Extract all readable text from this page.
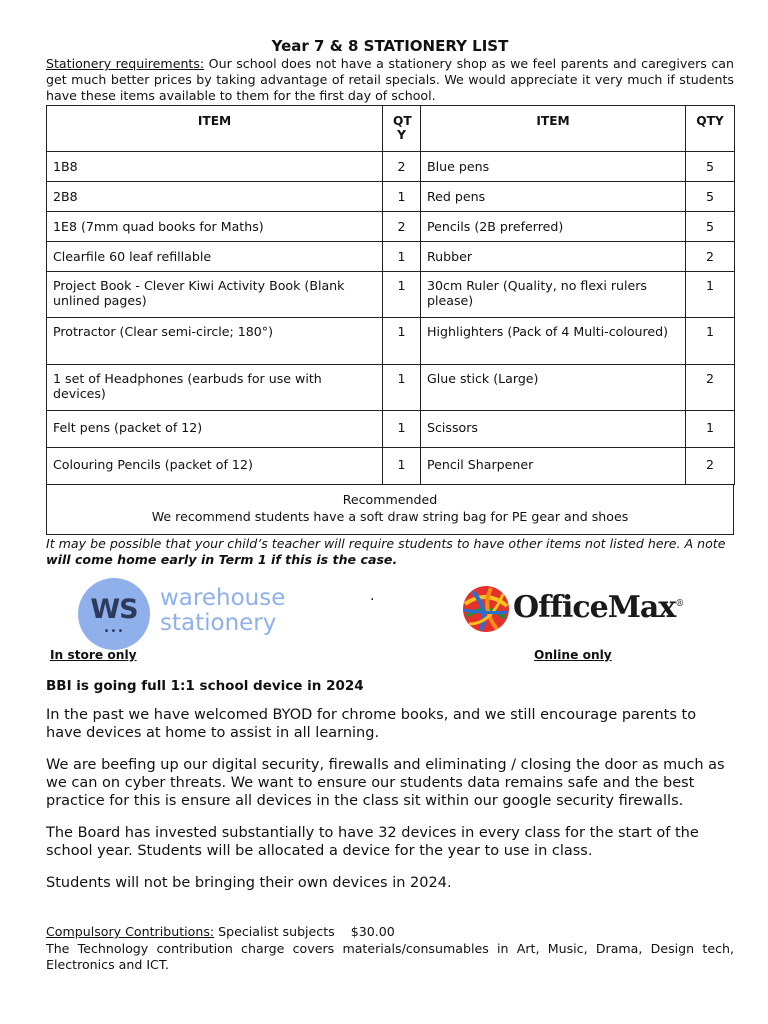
Year 7 & 8 STATIONERY LIST
Stationery requirements: Our school does not have a stationery shop as we feel parents and caregivers can get much better prices by taking advantage of retail specials. We would appreciate it very much if students have these items available to them for the first day of school.
ITEM	QT Y	ITEM	QTY
1B8	2	Blue pens	5
2B8	1	Red pens	5
1E8 (7mm quad books for Maths)	2	Pencils (2B preferred)	5
Clearfile 60 leaf refillable	1	Rubber	2
Project Book - Clever Kiwi Activity Book (Blank unlined pages)	1	30cm Ruler (Quality, no flexi rulers please)	1
Protractor (Clear semi-circle; 180°)	1	Highlighters (Pack of 4 Multi-coloured)	1
1 set of Headphones (earbuds for use with devices)	1	Glue stick (Large)	2
Felt pens (packet of 12)	1	Scissors	1
Colouring Pencils (packet of 12)	1	Pencil Sharpener	2
Recommended
We recommend students have a soft draw string bag for PE gear and shoes
It may be possible that your child’s teacher will require students to have other items not listed here. A note will come home early in Term 1 if this is the case.
WS
•••
warehouse
stationery
.	OfficeMax®
In store only	Online only
BBI is going full 1:1 school device in 2024
In the past we have welcomed BYOD for chrome books, and we still encourage parents to have devices at home to assist in all learning.
We are beefing up our digital security, firewalls and eliminating / closing the door as much as we can on cyber threats. We want to ensure our students data remains safe and the best practice for this is ensure all devices in the class sit within our google security firewalls.
The Board has invested substantially to have 32 devices in every class for the start of the school year. Students will be allocated a device for the year to use in class.
Students will not be bringing their own devices in 2024.
Compulsory Contributions: Specialist subjects $30.00
The Technology contribution charge covers materials/consumables in Art, Music, Drama, Design tech, Electronics and ICT.
